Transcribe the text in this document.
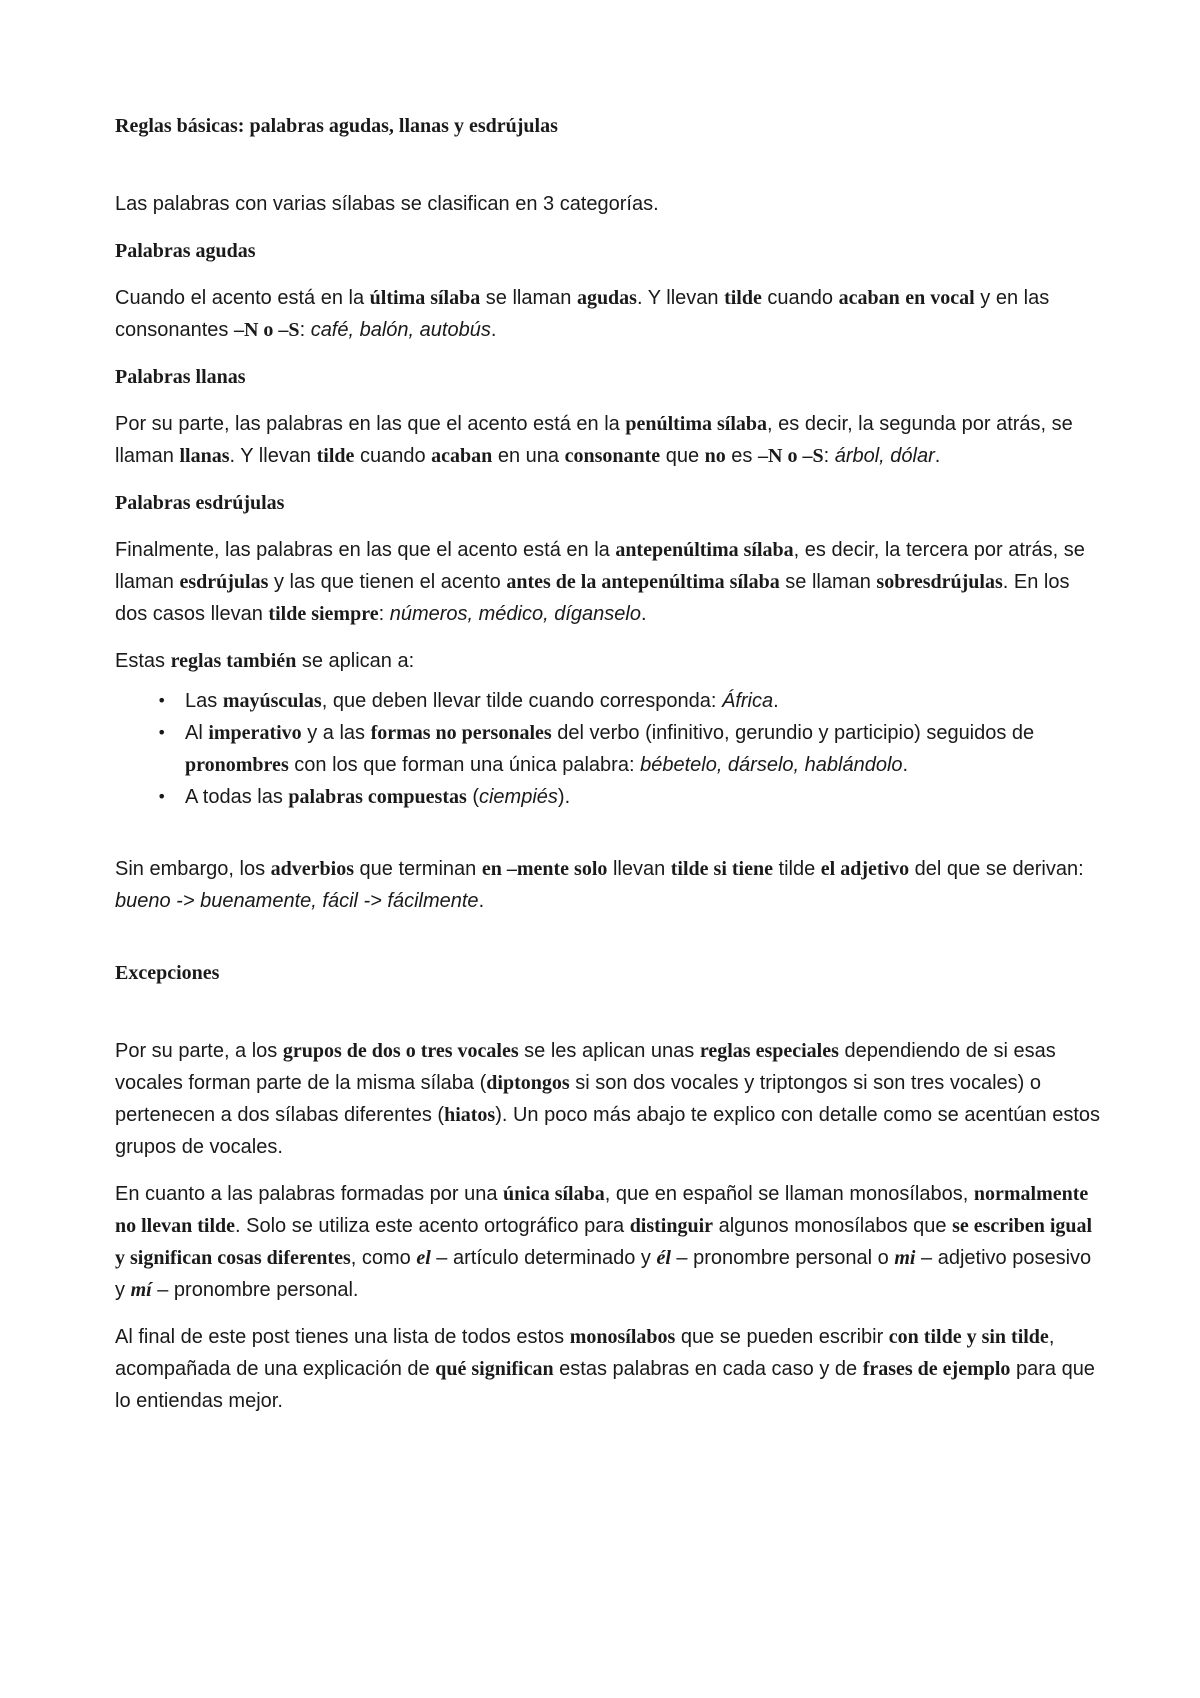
Reglas básicas: palabras agudas, llanas y esdrújulas

Las palabras con varias sílabas se clasifican en 3 categorías.

Palabras agudas

Cuando el acento está en la última sílaba se llaman agudas. Y llevan tilde cuando acaban en vocal y en las consonantes –N o –S: café, balón, autobús.

Palabras llanas

Por su parte, las palabras en las que el acento está en la penúltima sílaba, es decir, la segunda por atrás, se llaman llanas. Y llevan tilde cuando acaban en una consonante que no es –N o –S: árbol, dólar.

Palabras esdrújulas

Finalmente, las palabras en las que el acento está en la antepenúltima sílaba, es decir, la tercera por atrás, se llaman esdrújulas y las que tienen el acento antes de la antepenúltima sílaba se llaman sobresdrújulas. En los dos casos llevan tilde siempre: números, médico, díganselo.

Estas reglas también se aplican a:

• Las mayúsculas, que deben llevar tilde cuando corresponda: África.
• Al imperativo y a las formas no personales del verbo (infinitivo, gerundio y participio) seguidos de pronombres con los que forman una única palabra: bébetelo, dárselo, hablándolo.
• A todas las palabras compuestas (ciempiés).

Sin embargo, los adverbios que terminan en –mente solo llevan tilde si tiene tilde el adjetivo del que se derivan: bueno -> buenamente, fácil -> fácilmente.

Excepciones

Por su parte, a los grupos de dos o tres vocales se les aplican unas reglas especiales dependiendo de si esas vocales forman parte de la misma sílaba (diptongos si son dos vocales y triptongos si son tres vocales) o pertenecen a dos sílabas diferentes (hiatos). Un poco más abajo te explico con detalle como se acentúan estos grupos de vocales.

En cuanto a las palabras formadas por una única sílaba, que en español se llaman monosílabos, normalmente no llevan tilde. Solo se utiliza este acento ortográfico para distinguir algunos monosílabos que se escriben igual y significan cosas diferentes, como el – artículo determinado y él – pronombre personal o mi – adjetivo posesivo y mí – pronombre personal.

Al final de este post tienes una lista de todos estos monosílabos que se pueden escribir con tilde y sin tilde, acompañada de una explicación de qué significan estas palabras en cada caso y de frases de ejemplo para que lo entiendas mejor.
